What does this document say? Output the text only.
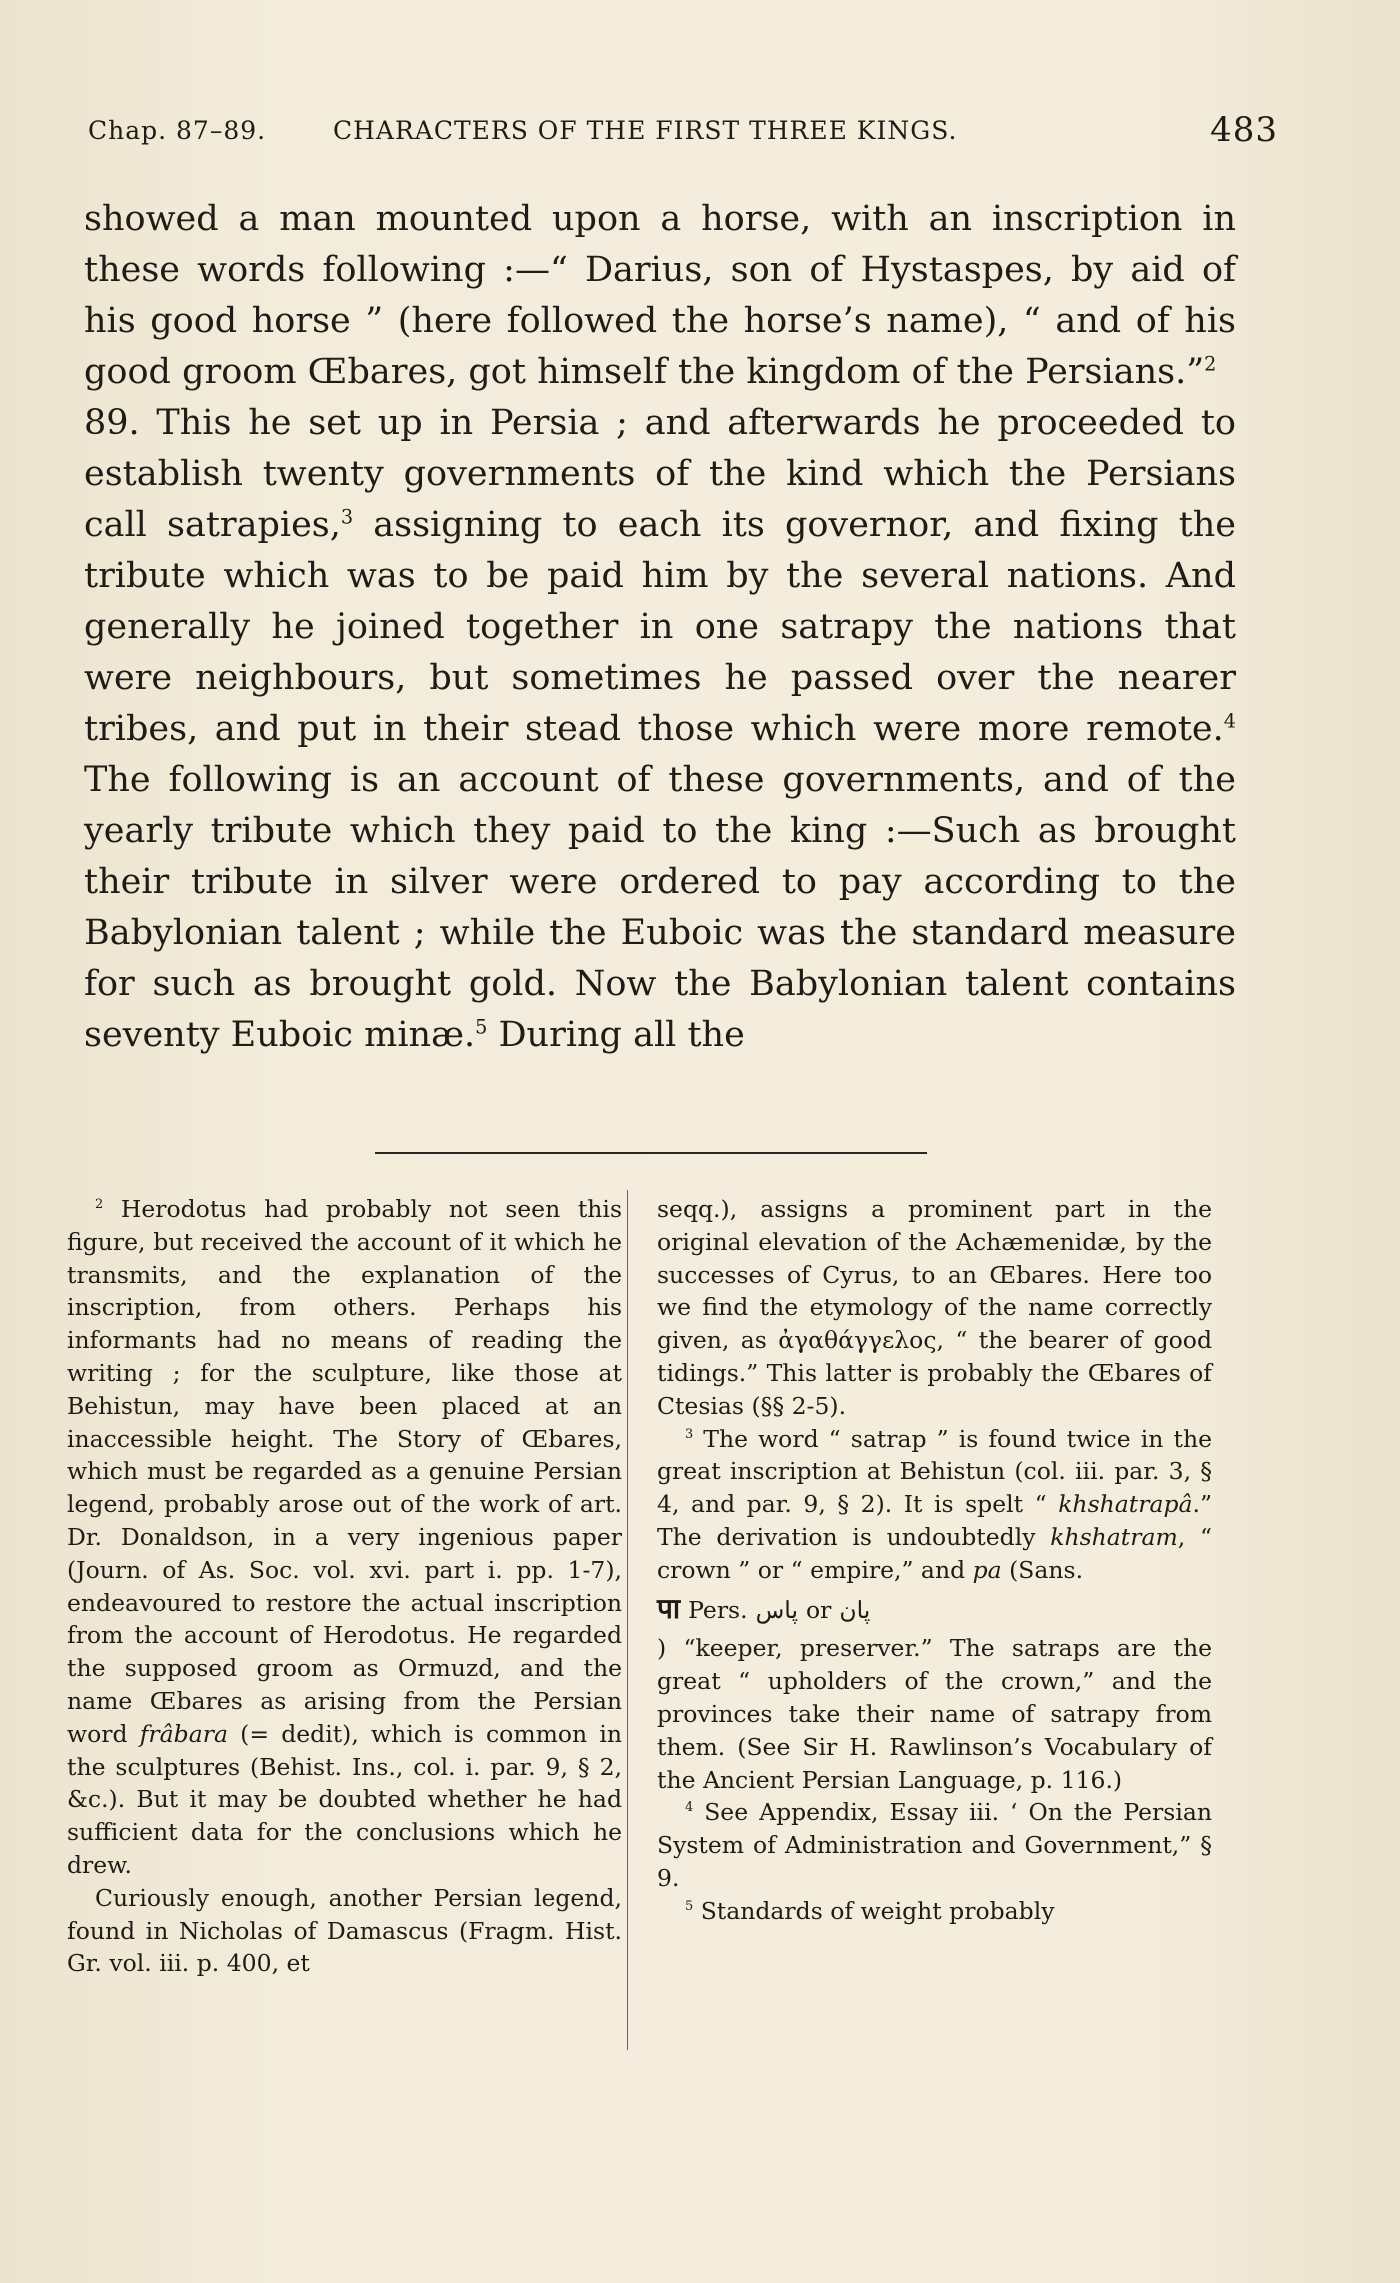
Chap. 87–89.	CHARACTERS OF THE FIRST THREE KINGS.	483

showed a man mounted upon a horse, with an inscription in these words following :—“ Darius, son of Hystaspes, by aid of his good horse ” (here followed the horse’s name), “ and of his good groom Œbares, got himself the kingdom of the Persians.”$^2$

89. This he set up in Persia ; and afterwards he proceeded to establish twenty governments of the kind which the Persians call satrapies,$^3$ assigning to each its governor, and fixing the tribute which was to be paid him by the several nations. And generally he joined together in one satrapy the nations that were neighbours, but sometimes he passed over the nearer tribes, and put in their stead those which were more remote.$^4$ The following is an account of these governments, and of the yearly tribute which they paid to the king :—Such as brought their tribute in silver were ordered to pay according to the Babylonian talent ; while the Euboic was the standard measure for such as brought gold. Now the Babylonian talent contains seventy Euboic minæ.$^5$ During all the

$^2$ Herodotus had probably not seen this figure, but received the account of it which he transmits, and the explanation of the inscription, from others. Perhaps his informants had no means of reading the writing ; for the sculpture, like those at Behistun, may have been placed at an inaccessible height. The Story of Œbares, which must be regarded as a genuine Persian legend, probably arose out of the work of art. Dr. Donaldson, in a very ingenious paper (Journ. of As. Soc. vol. xvi. part i. pp. 1-7), endeavoured to restore the actual inscription from the account of Herodotus. He regarded the supposed groom as Ormuzd, and the name Œbares as arising from the Persian word frâbara (= dedit), which is common in the sculptures (Behist. Ins., col. i. par. 9, § 2, &c.). But it may be doubted whether he had sufficient data for the conclusions which he drew.

Curiously enough, another Persian legend, found in Nicholas of Damascus (Fragm. Hist. Gr. vol. iii. p. 400, et

seqq.), assigns a prominent part in the original elevation of the Achæmenidæ, by the successes of Cyrus, to an Œbares. Here too we find the etymology of the name correctly given, as ἀγαθάγγελος, “ the bearer of good tidings.” This latter is probably the Œbares of Ctesias (§§ 2-5).

$^3$ The word “ satrap ” is found twice in the great inscription at Behistun (col. iii. par. 3, § 4, and par. 9, § 2). It is spelt “ khshatrapâ.” The derivation is undoubtedly khshatram, “ crown ” or “ empire,” and pa (Sans.

पा Pers. پاس or پان

) “keeper, preserver.” The satraps are the great “ upholders of the crown,” and the provinces take their name of satrapy from them. (See Sir H. Rawlinson’s Vocabulary of the Ancient Persian Language, p. 116.)

$^4$ See Appendix, Essay iii. ‘ On the Persian System of Administration and Government,” § 9.

$^5$ Standards of weight probably
